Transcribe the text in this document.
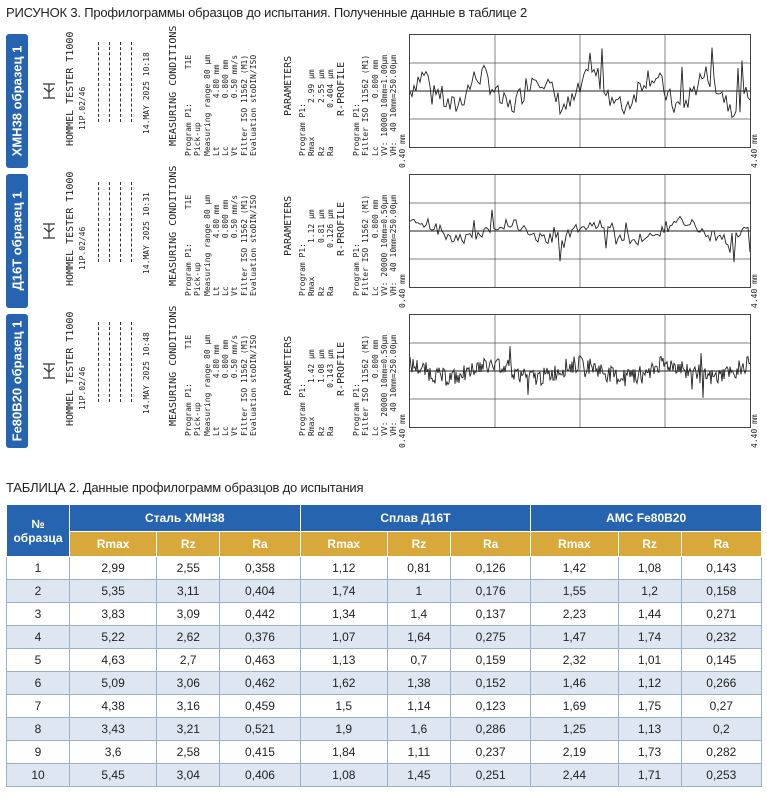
РИСУНОК 3. Профилограммы образцов до испытания. Полученные данные в таблице 2
ХМН38 образец 1	HOMMEL TESTER T1000 11P.02/46	14.MAY 2025 10:18 MEASURING CONDITIONS Program P1:       T1E
Pick-up
Measuring range 80 µm
Lt          4.80 mm
Lc          0.800 mm
Vt          0.50 mm/s
Filter ISO 11562 (M1)
Evaluation stoDIN/ISO PARAMETERS
Program P1:
Rmax       2.99 µm
Rz         2.55 µm
Ra        0.404 µm R-PROFILE
Program P1:
Filter ISO 11562 (M1)
Lc          0.800 mm
VV: 10000 10mm=1.00µm
VH:  40 10mm=250.00µm
0.40 mm	4.40 mm
Д16Т образец 1	HOMMEL TESTER T1000 11P.02/46	14.MAY 2025 10:31 MEASURING CONDITIONS Program P1:       T1E
Pick-up
Measuring range 80 µm
Lt          4.80 mm
Lc          0.800 mm
Vt          0.50 mm/s
Filter ISO 11562 (M1)
Evaluation stoDIN/ISO PARAMETERS
Program P1:
Rmax       1.12 µm
Rz         0.81 µm
Ra        0.126 µm R-PROFILE
Program P1:
Filter ISO 11562 (M1)
Lc          0.800 mm
VV: 20000 10mm=0.50µm
VH:  40 10mm=250.00µm
0.40 mm	4.40 mm
Fe80B20 образец 1	HOMMEL TESTER T1000 11P.02/46	14.MAY 2025 10:48 MEASURING CONDITIONS Program P1:       T1E
Pick-up
Measuring range 80 µm
Lt          4.80 mm
Lc          0.800 mm
Vt          0.50 mm/s
Filter ISO 11562 (M1)
Evaluation stoDIN/ISO PARAMETERS
Program P1:
Rmax       1.42 µm
Rz         1.08 µm
Ra        0.143 µm R-PROFILE
Program P1:
Filter ISO 11562 (M1)
Lc          0.800 mm
VV: 20000 10mm=0.50µm
VH:  40 10mm=250.00µm
0.40 mm	4.40 mm
ТАБЛИЦА 2. Данные профилограмм образцов до испытания
№ образца	Сталь ХМН38			Сплав Д16Т			АМС Fe80B20		
	Rmax	Rz	Ra	Rmax	Rz	Ra	Rmax	Rz	Ra
1	2,99	2,55	0,358	1,12	0,81	0,126	1,42	1,08	0,143
2	5,35	3,11	0,404	1,74	1	0,176	1,55	1,2	0,158
3	3,83	3,09	0,442	1,34	1,4	0,137	2,23	1,44	0,271
4	5,22	2,62	0,376	1,07	1,64	0,275	1,47	1,74	0,232
5	4,63	2,7	0,463	1,13	0,7	0,159	2,32	1,01	0,145
6	5,09	3,06	0,462	1,62	1,38	0,152	1,46	1,12	0,266
7	4,38	3,16	0,459	1,5	1,14	0,123	1,69	1,75	0,27
8	3,43	3,21	0,521	1,9	1,6	0,286	1,25	1,13	0,2
9	3,6	2,58	0,415	1,84	1,11	0,237	2,19	1,73	0,282
10	5,45	3,04	0,406	1,08	1,45	0,251	2,44	1,71	0,253
